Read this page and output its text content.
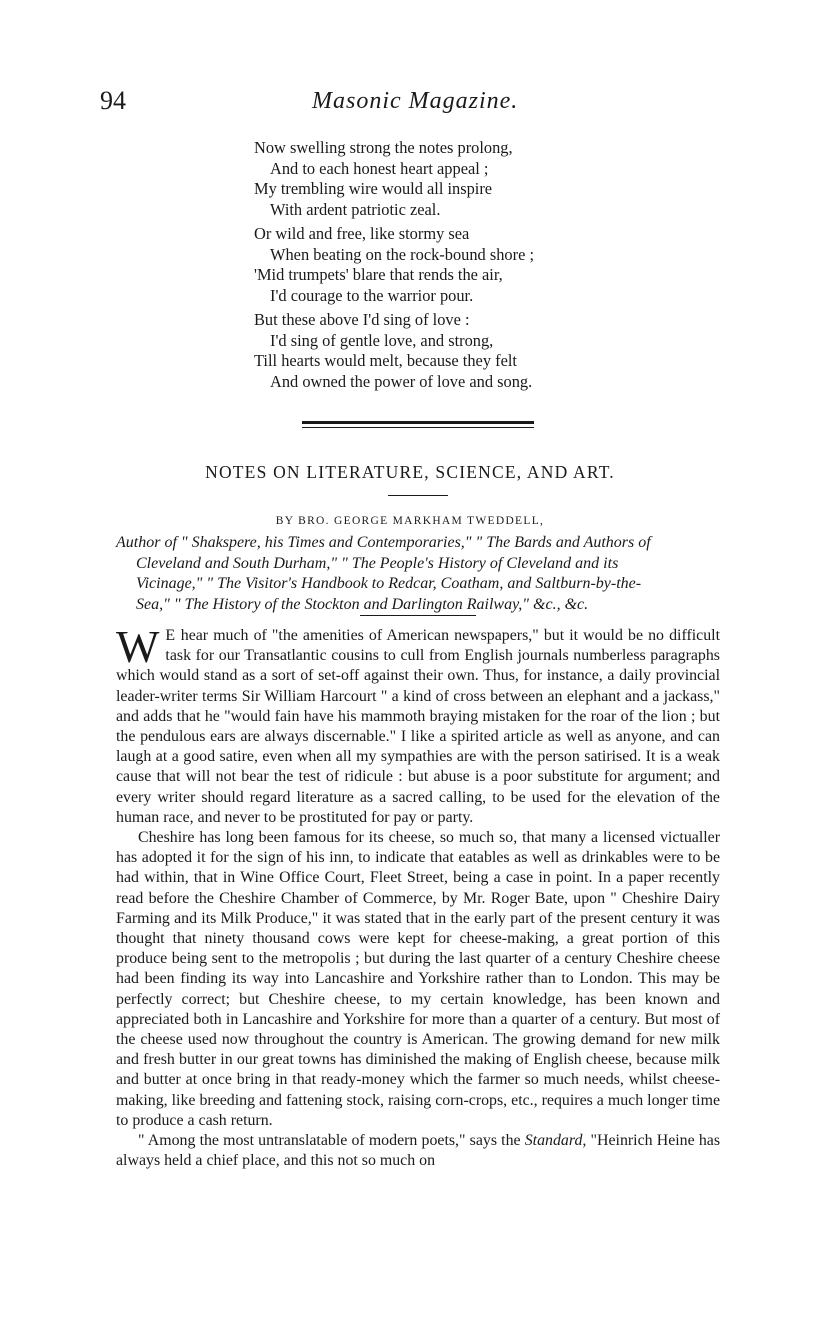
94	Masonic Magazine.
Now swelling strong the notes prolong,
And to each honest heart appeal ;
My trembling wire would all inspire
With ardent patriotic zeal.
Or wild and free, like stormy sea
When beating on the rock-bound shore ;
'Mid trumpets' blare that rends the air,
I'd courage to the warrior pour.
But these above I'd sing of love :
I'd sing of gentle love, and strong,
Till hearts would melt, because they felt
And owned the power of love and song.
NOTES ON LITERATURE, SCIENCE, AND ART.
BY BRO. GEORGE MARKHAM TWEDDELL,
Author of " Shakspere, his Times and Contemporaries," " The Bards and Authors of
Cleveland and South Durham," " The People's History of Cleveland and its
Vicinage," " The Visitor's Handbook to Redcar, Coatham, and Saltburn-by-the-
Sea," " The History of the Stockton and Darlington Railway," &c., &c.

W E hear much of "the amenities of American newspapers," but it would be no difficult task for our Transatlantic cousins to cull from English journals numberless paragraphs which would stand as a sort of set-off against their own. Thus, for instance, a daily provincial leader-writer terms Sir William Harcourt " a kind of cross between an elephant and a jackass," and adds that he "would fain have his mammoth braying mistaken for the roar of the lion ; but the pendulous ears are always discernable." I like a spirited article as well as anyone, and can laugh at a good satire, even when all my sympathies are with the person satirised. It is a weak cause that will not bear the test of ridicule : but abuse is a poor substitute for argument; and every writer should regard literature as a sacred calling, to be used for the elevation of the human race, and never to be prostituted for pay or party.

Cheshire has long been famous for its cheese, so much so, that many a licensed victualler has adopted it for the sign of his inn, to indicate that eatables as well as drinkables were to be had within, that in Wine Office Court, Fleet Street, being a case in point. In a paper recently read before the Cheshire Chamber of Commerce, by Mr. Roger Bate, upon " Cheshire Dairy Farming and its Milk Produce," it was stated that in the early part of the present century it was thought that ninety thousand cows were kept for cheese-making, a great portion of this produce being sent to the metropolis ; but during the last quarter of a century Cheshire cheese had been finding its way into Lancashire and Yorkshire rather than to London. This may be perfectly correct; but Cheshire cheese, to my certain knowledge, has been known and appreciated both in Lancashire and Yorkshire for more than a quarter of a century. But most of the cheese used now throughout the country is American. The growing demand for new milk and fresh butter in our great towns has diminished the making of English cheese, because milk and butter at once bring in that ready-money which the farmer so much needs, whilst cheese-making, like breeding and fattening stock, raising corn-crops, etc., requires a much longer time to produce a cash return.

" Among the most untranslatable of modern poets," says the Standard, "Heinrich Heine has always held a chief place, and this not so much on
